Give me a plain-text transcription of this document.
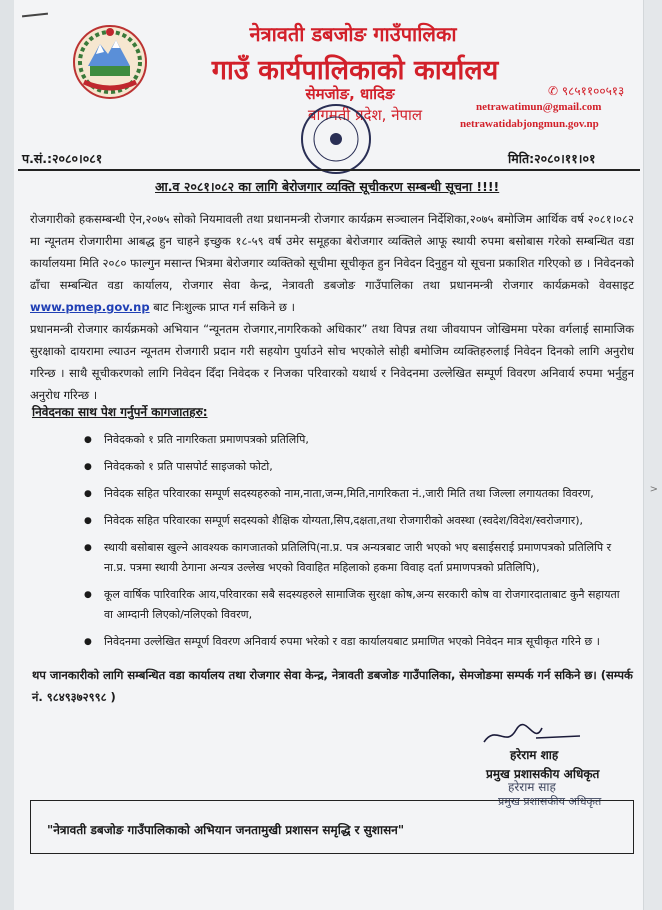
>
नेत्रावती डबजोङ गाउँपालिका
गाउँ कार्यपालिकाको कार्यालय
सेमजोङ, धादिङ
बागमती प्रदेश, नेपाल
✆ ९८५११००५१३
netrawatimun@gmail.com
netrawatidabjongmun.gov.np
प.सं.:२०८०।०८१	मिति:२०८०।११।०१
आ.व २०८१।०८२ का लागि बेरोजगार व्यक्ति सूचीकरण सम्बन्धी सूचना !!!!
रोजगारीको हकसम्बन्धी ऐन,२०७५ सोको नियमावली तथा प्रधानमन्त्री रोजगार कार्यक्रम सञ्चालन निर्देशिका,२०७५ बमोजिम आर्थिक वर्ष २०८१।०८२ मा न्यूनतम रोजगारीमा आबद्ध हुन चाहने इच्छुक १८-५९ वर्ष उमेर समूहका बेरोजगार व्यक्तिले आफू स्थायी रुपमा बसोबास गरेको सम्बन्धित वडा कार्यालयमा मिति २०८० फाल्गुन मसान्त भित्रमा बेरोजगार व्यक्तिको सूचीमा सूचीकृत हुन निवेदन दिनुहुन यो सूचना प्रकाशित गरिएको छ । निवेदनको ढाँचा सम्बन्धित वडा कार्यालय, रोजगार सेवा केन्द्र, नेत्रावती डबजोङ गाउँपालिका तथा प्रधानमन्त्री रोजगार कार्यक्रमको वेवसाइट www.pmep.gov.np बाट निःशुल्क प्राप्त गर्न सकिने छ ।
प्रधानमन्त्री रोजगार कार्यक्रमको अभियान “न्यूनतम रोजगार,नागरिकको अधिकार” तथा विपन्न तथा जीवयापन जोखिममा परेका वर्गलाई सामाजिक सुरक्षाको दायरामा ल्याउन न्यूनतम रोजगारी प्रदान गरी सहयोग पुर्याउने सोच भएकोले सोही बमोजिम व्यक्तिहरुलाई निवेदन दिनको लागि अनुरोध गरिन्छ । साथै सूचीकरणको लागि निवेदन दिँदा निवेदक र निजका परिवारको यथार्थ र निवेदनमा उल्लेखित सम्पूर्ण विवरण अनिवार्य रुपमा भर्नुहुन अनुरोध गरिन्छ ।
निवेदनका साथ पेश गर्नुपर्ने कागजातहरु:
● निवेदकको १ प्रति नागरिकता प्रमाणपत्रको प्रतिलिपि,
● निवेदकको १ प्रति पासपोर्ट साइजको फोटो,
● निवेदक सहित परिवारका सम्पूर्ण सदस्यहरुको नाम,नाता,जन्म,मिति,नागरिकता नं.,जारी मिति तथा जिल्ला लगायतका विवरण,
● निवेदक सहित परिवारका सम्पूर्ण सदस्यको शैक्षिक योग्यता,सिप,दक्षता,तथा रोजगारीको अवस्था (स्वदेश/विदेश/स्वरोजगार),
● स्थायी बसोबास खुल्ने आवश्यक कागजातको प्रतिलिपि(ना.प्र. पत्र अन्यत्रबाट जारी भएको भए बसाईसराई प्रमाणपत्रको प्रतिलिपि र ना.प्र. पत्रमा स्थायी ठेगाना अन्यत्र उल्लेख भएको विवाहित महिलाको हकमा विवाह दर्ता प्रमाणपत्रको प्रतिलिपि),
● कूल वार्षिक पारिवारिक आय,परिवारका सबै सदस्यहरुले सामाजिक सुरक्षा कोष,अन्य सरकारी कोष वा रोजगारदाताबाट कुनै सहायता वा आम्दानी लिएको/नलिएको विवरण,
● निवेदनमा उल्लेखित सम्पूर्ण विवरण अनिवार्य रुपमा भरेको र वडा कार्यालयबाट प्रमाणित भएको निवेदन मात्र सूचीकृत गरिने छ ।
थप जानकारीको लागि सम्बन्धित वडा कार्यालय तथा रोजगार सेवा केन्द्र, नेत्रावती डबजोङ गाउँपालिका, सेमजोङमा सम्पर्क गर्न सकिने छ। (सम्पर्क नं. ९८४९३७२९९८ )
हरेराम शाह
प्रमुख प्रशासकीय अधिकृत
हरेराम साह
प्रमुख प्रशासकीय अधिकृत
"नेत्रावती डबजोङ गाउँपालिकाको अभियान जनतामुखी प्रशासन समृद्धि र सुशासन"
